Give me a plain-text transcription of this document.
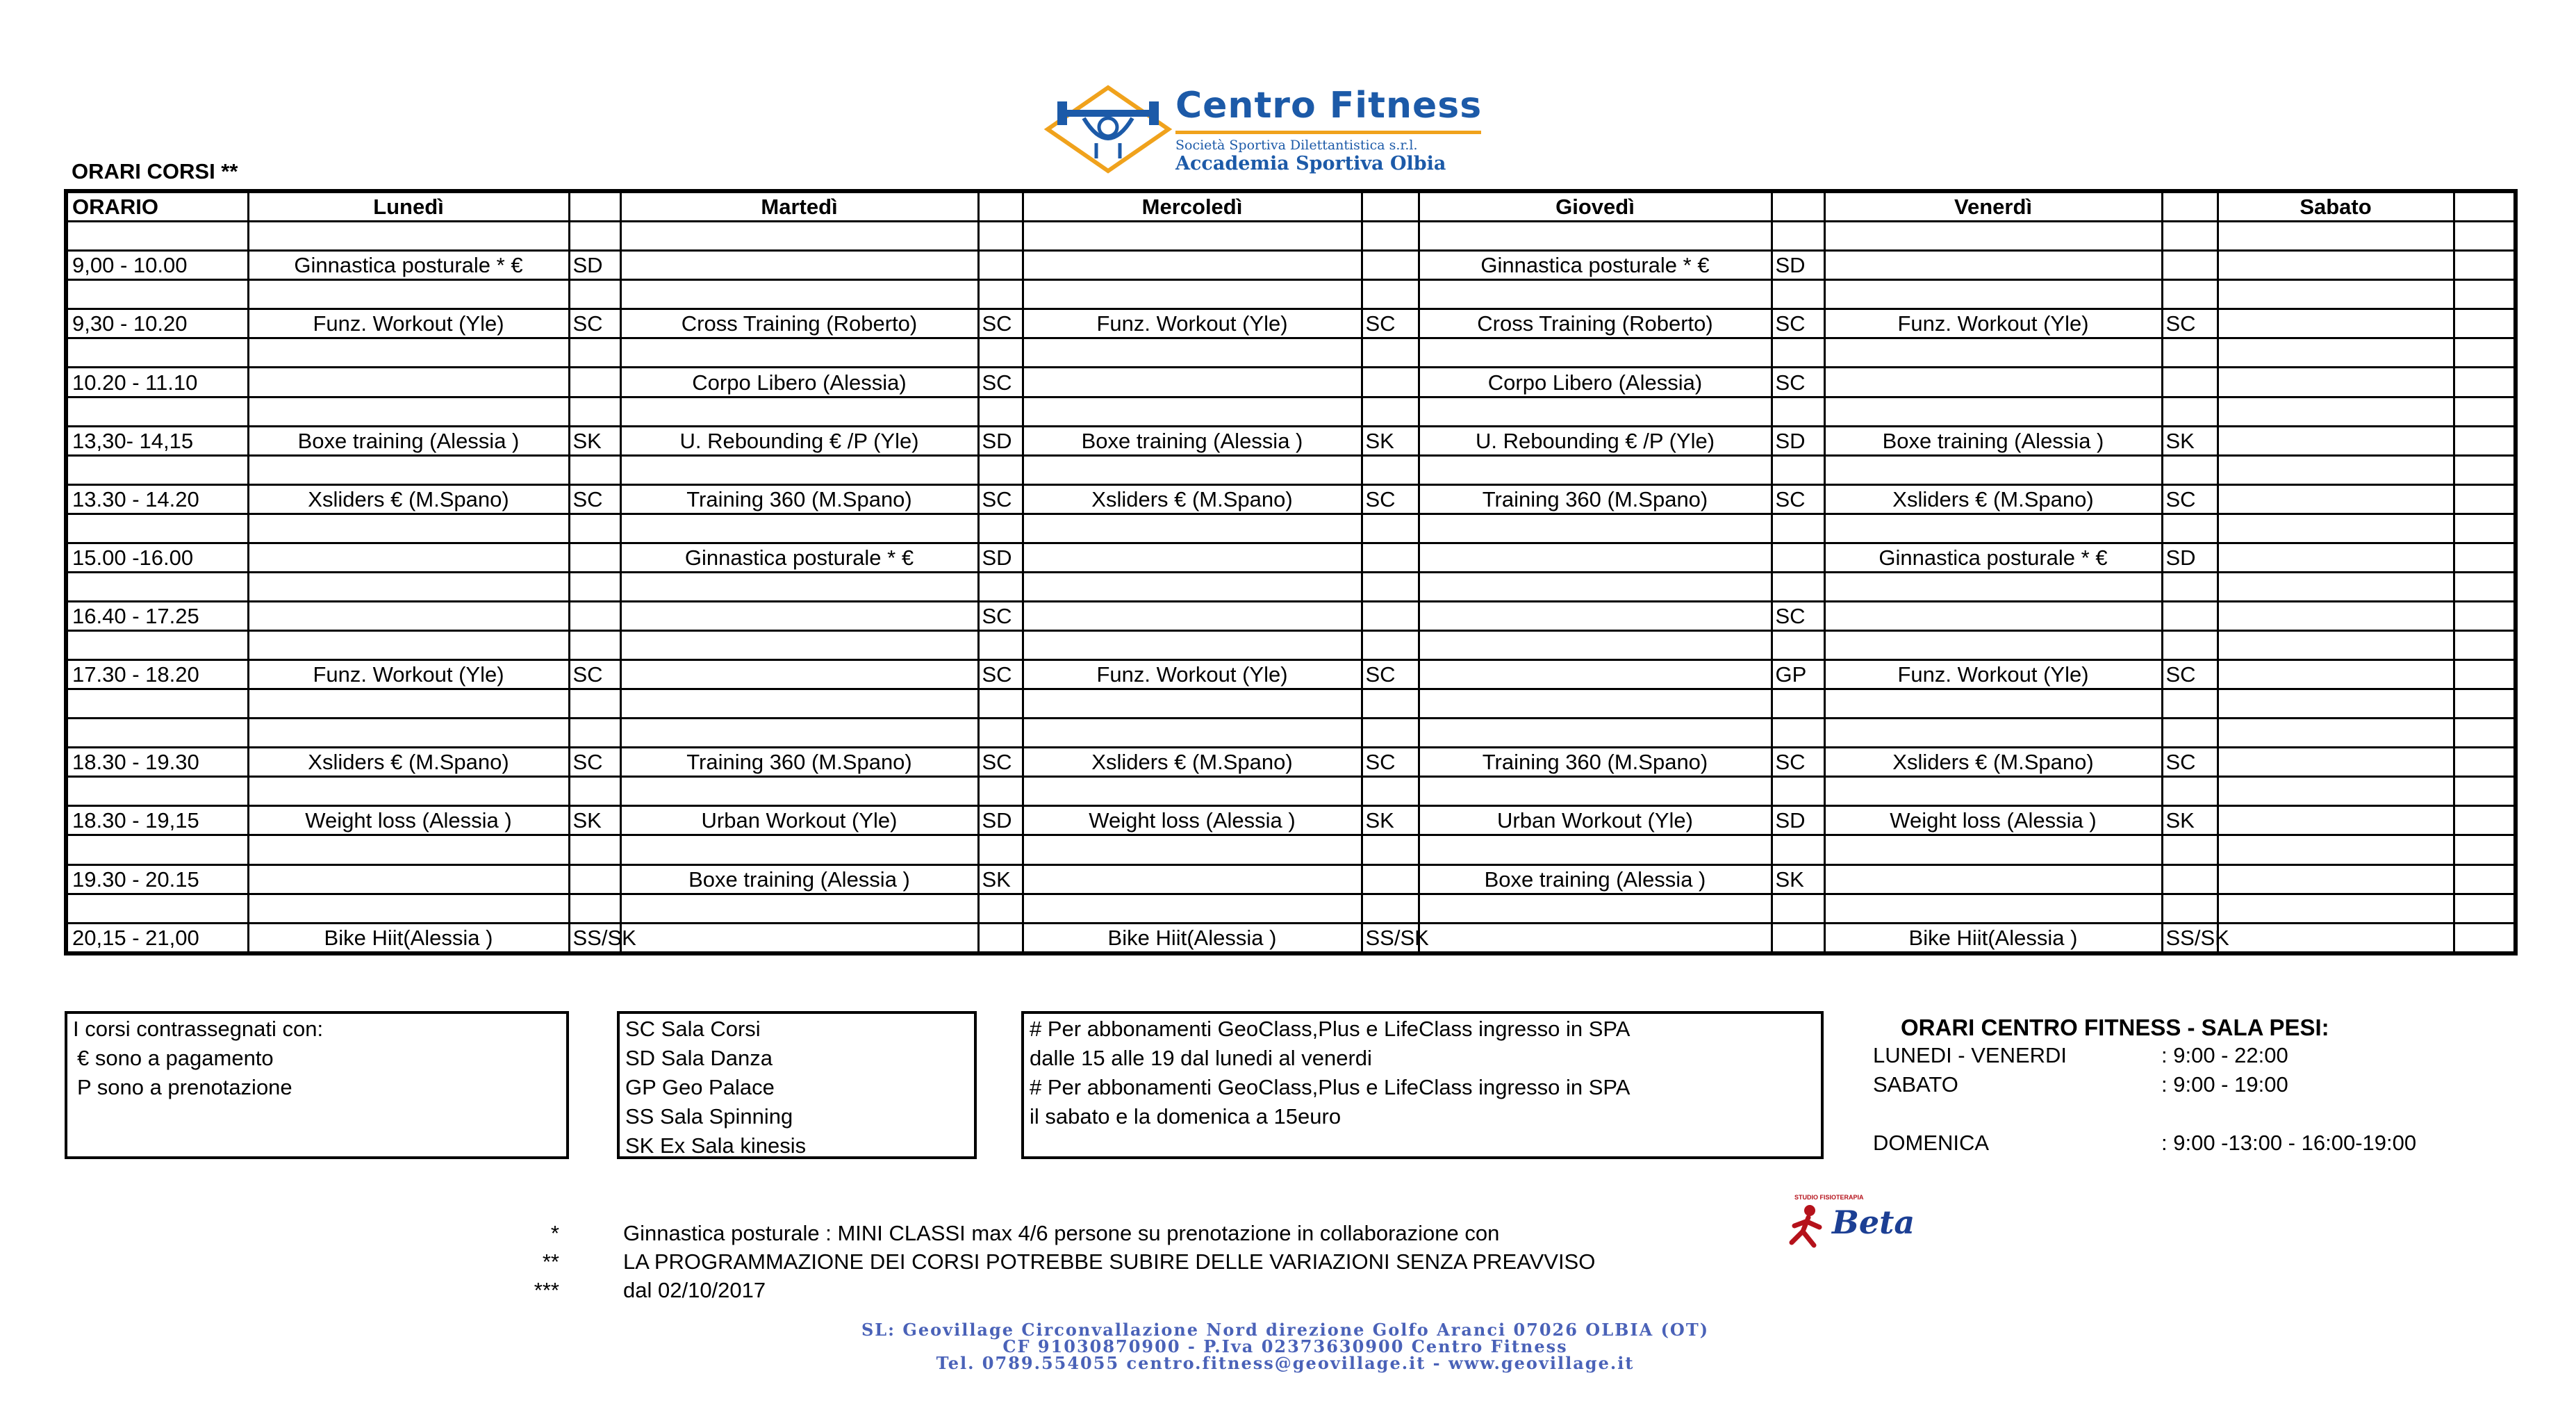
Centro Fitness
Società Sportiva Dilettantistica s.r.l.
Accademia Sportiva Olbia
ORARI CORSI **
ORARIO	Lunedì		Martedì		Mercoledì		Giovedì		Venerdì		Sabato	

9,00 - 10.00	Ginnastica posturale * €	SD					Ginnastica posturale * €	SD				

9,30 - 10.20	Funz. Workout (Yle)	SC	Cross Training (Roberto)	SC	Funz. Workout (Yle)	SC	Cross Training (Roberto)	SC	Funz. Workout (Yle)	SC		

10.20 - 11.10			Corpo Libero (Alessia)	SC			Corpo Libero (Alessia)	SC				

13,30- 14,15	Boxe training (Alessia )	SK	U. Rebounding € /P (Yle)	SD	Boxe training (Alessia )	SK	U. Rebounding € /P (Yle)	SD	Boxe training (Alessia )	SK		

13.30 - 14.20	Xsliders € (M.Spano)	SC	Training 360 (M.Spano)	SC	Xsliders € (M.Spano)	SC	Training 360 (M.Spano)	SC	Xsliders € (M.Spano)	SC		

15.00 -16.00			Ginnastica posturale * €	SD					Ginnastica posturale * €	SD		

16.40 - 17.25				SC				SC				

17.30 - 18.20	Funz. Workout (Yle)	SC		SC	Funz. Workout (Yle)	SC		GP	Funz. Workout (Yle)	SC		

18.30 - 19.30	Xsliders € (M.Spano)	SC	Training 360 (M.Spano)	SC	Xsliders € (M.Spano)	SC	Training 360 (M.Spano)	SC	Xsliders € (M.Spano)	SC		

18.30 - 19,15	Weight loss (Alessia )	SK	Urban Workout (Yle)	SD	Weight loss (Alessia )	SK	Urban Workout (Yle)	SD	Weight loss (Alessia )	SK		

19.30 - 20.15			Boxe training (Alessia )	SK			Boxe training (Alessia )	SK				

20,15 - 21,00	Bike Hiit(Alessia )	SS/SK			Bike Hiit(Alessia )	SS/SK			Bike Hiit(Alessia )	SS/SK		
I corsi contrassegnati con:
€ sono a pagamento
P sono a prenotazione
SC Sala Corsi
SD Sala Danza
GP Geo Palace
SS Sala Spinning
SK Ex Sala kinesis
# Per abbonamenti GeoClass,Plus e LifeClass ingresso in SPA
dalle 15 alle 19 dal lunedi al venerdi
# Per abbonamenti GeoClass,Plus e LifeClass ingresso in SPA
il sabato e la domenica a 15euro
ORARI CENTRO FITNESS - SALA PESI:
LUNEDI - VENERDI	: 9:00 - 22:00
SABATO	: 9:00 - 19:00
DOMENICA	: 9:00 -13:00 - 16:00-19:00
*	Ginnastica posturale : MINI CLASSI max 4/6 persone su prenotazione in collaborazione con
**	LA PROGRAMMAZIONE DEI CORSI POTREBBE SUBIRE DELLE VARIAZIONI SENZA PREAVVISO
***	dal 02/10/2017
STUDIO FISIOTERAPIA
Beta
SL: Geovillage Circonvallazione Nord direzione Golfo Aranci 07026 OLBIA (OT)
CF 91030870900 - P.Iva 02373630900 Centro Fitness
Tel. 0789.554055 centro.fitness@geovillage.it - www.geovillage.it
